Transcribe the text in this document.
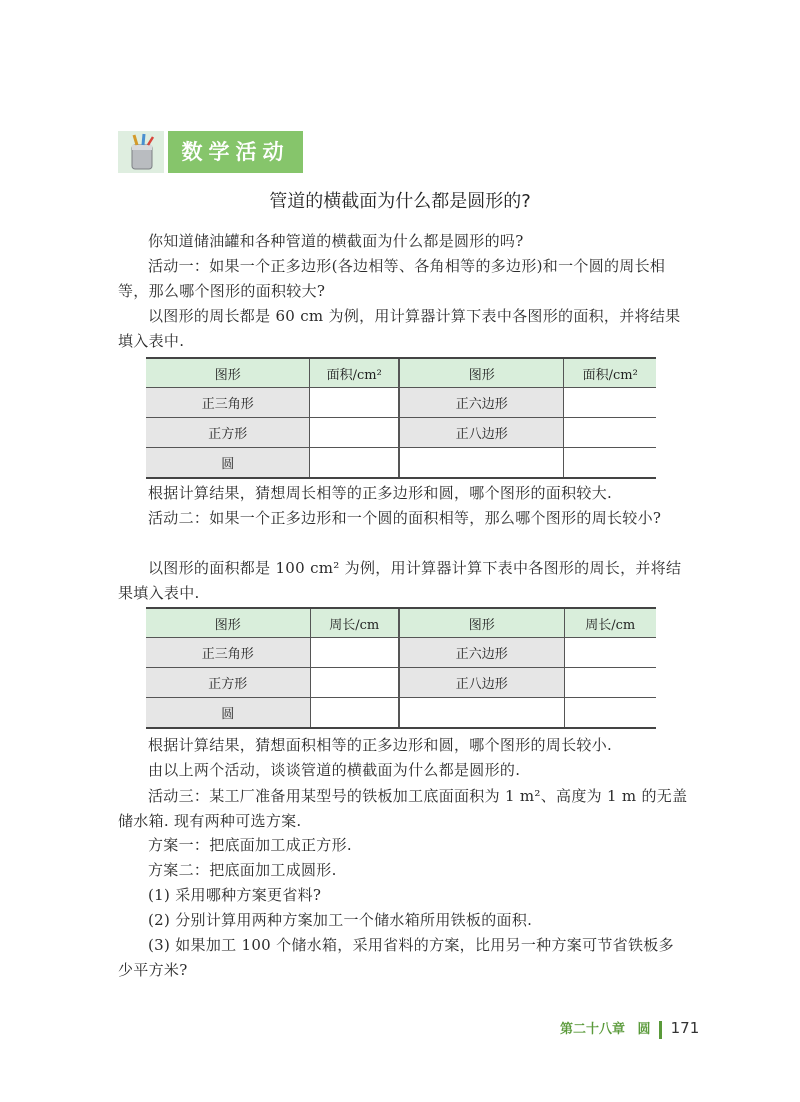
数学活动
管道的横截面为什么都是圆形的?
你知道储油罐和各种管道的横截面为什么都是圆形的吗?
活动一：如果一个正多边形(各边相等、各角相等的多边形)和一个圆的周长相等，那么哪个图形的面积较大?
以图形的周长都是 60 cm 为例，用计算器计算下表中各图形的面积，并将结果填入表中.
图形	面积/cm²	图形	面积/cm²
正三角形		正六边形	
正方形		正八边形	
圆			
根据计算结果，猜想周长相等的正多边形和圆，哪个图形的面积较大.
活动二：如果一个正多边形和一个圆的面积相等，那么哪个图形的周长较小?
以图形的面积都是 100 cm² 为例，用计算器计算下表中各图形的周长，并将结果填入表中.
图形	周长/cm	图形	周长/cm
正三角形		正六边形	
正方形		正八边形	
圆			
根据计算结果，猜想面积相等的正多边形和圆，哪个图形的周长较小.
由以上两个活动，谈谈管道的横截面为什么都是圆形的.
活动三：某工厂准备用某型号的铁板加工底面面积为 1 m²、高度为 1 m 的无盖储水箱. 现有两种可选方案.
方案一：把底面加工成正方形.
方案二：把底面加工成圆形.
(1) 采用哪种方案更省料?
(2) 分别计算用两种方案加工一个储水箱所用铁板的面积.
(3) 如果加工 100 个储水箱，采用省料的方案，比用另一种方案可节省铁板多少平方米?
第二十八章 圆 171
